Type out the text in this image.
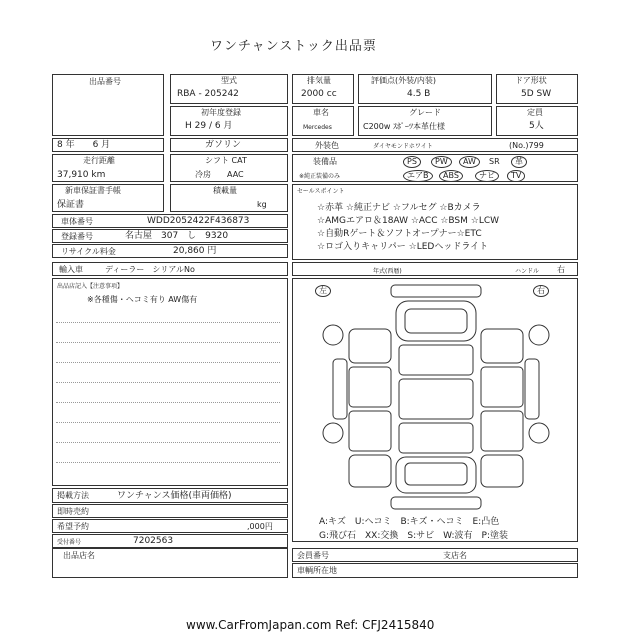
ワンチャンストック出品票
出品番号	型式
RBA - 205242
排気量
2000 cc
評価点(外装/内装)
4.5 B
ドア形状
5D SW
初年度登録
H 29 / 6 月
車名
Mercedes
グレード
C200w ｽﾎﾟｰﾂ本革仕様
定員
5人
8 年　　6 月	ガソリン	外装色	ダイヤモンドホワイト	(No.)799
走行距離
37,910 km
シフト CAT
冷房　　AAC
装備品
※純正装備のみ
PS	PW	AW	SR	革
エアB	ABS	ナビ	TV
新車保証書手帳
保証書
積載量
kg
セールスポイント
☆赤革 ☆純正ナビ ☆フルセグ ☆Bカメラ
☆AMGエアロ＆18AW ☆ACC ☆BSM ☆LCW
☆自動Rゲート＆ソフトオープナー☆ETC
☆ロゴ入りキャリパー ☆LEDヘッドライト
車体番号	WDD2052422F436873
登録番号	名古屋　307　し　9320
リサイクル料金	20,860 円
輸入車	ディーラー　シリアルNo	年式(西暦)	ハンドル 右
出品店記入【注意事項】
※各種傷・ヘコミ有り AW傷有
左	右
A:キズ　U:ヘコミ　B:キズ・ヘコミ　E:凸色
G:飛び石　XX:交換　S:サビ　W:波有　P:塗装
掲載方法	ワンチャンス価格(車両価格)
即時売約
希望予約	,000円
受付番号	7202563
出品店名	会員番号	支店名
車輌所在地
www.CarFromJapan.com Ref: CFJ2415840
